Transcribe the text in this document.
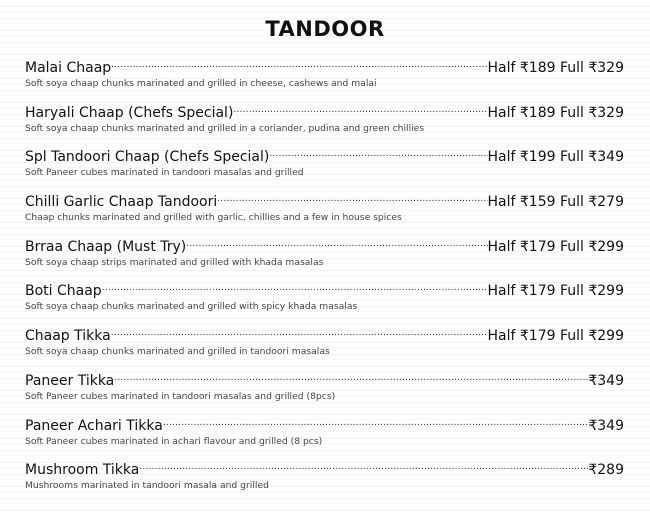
TANDOOR
Malai Chaap .....	Half ₹189 Full ₹329
Soft soya chaap chunks marinated and grilled in cheese, cashews and malai
Haryali Chaap (Chefs Special) .....	Half ₹189 Full ₹329
Soft soya chaap chunks marinated and grilled in a coriander, pudina and green chillies
Spl Tandoori Chaap (Chefs Special) .....	Half ₹199 Full ₹349
Soft Paneer cubes marinated in tandoori masalas and grilled
Chilli Garlic Chaap Tandoori .....	Half ₹159 Full ₹279
Chaap chunks marinated and grilled with garlic, chillies and a few in house spices
Brraa Chaap (Must Try) .....	Half ₹179 Full ₹299
Soft soya chaap strips marinated and grilled with khada masalas
Boti Chaap .....	Half ₹179 Full ₹299
Soft soya chaap chunks marinated and grilled with spicy khada masalas
Chaap Tikka .....	Half ₹179 Full ₹299
Soft soya chaap chunks marinated and grilled in tandoori masalas
Paneer Tikka .....	₹349
Soft Paneer cubes marinated in tandoori masalas and grilled (8pcs)
Paneer Achari Tikka .....	₹349
Soft Paneer cubes marinated in achari flavour and grilled (8 pcs)
Mushroom Tikka .....	₹289
Mushrooms marinated in tandoori masala and grilled
